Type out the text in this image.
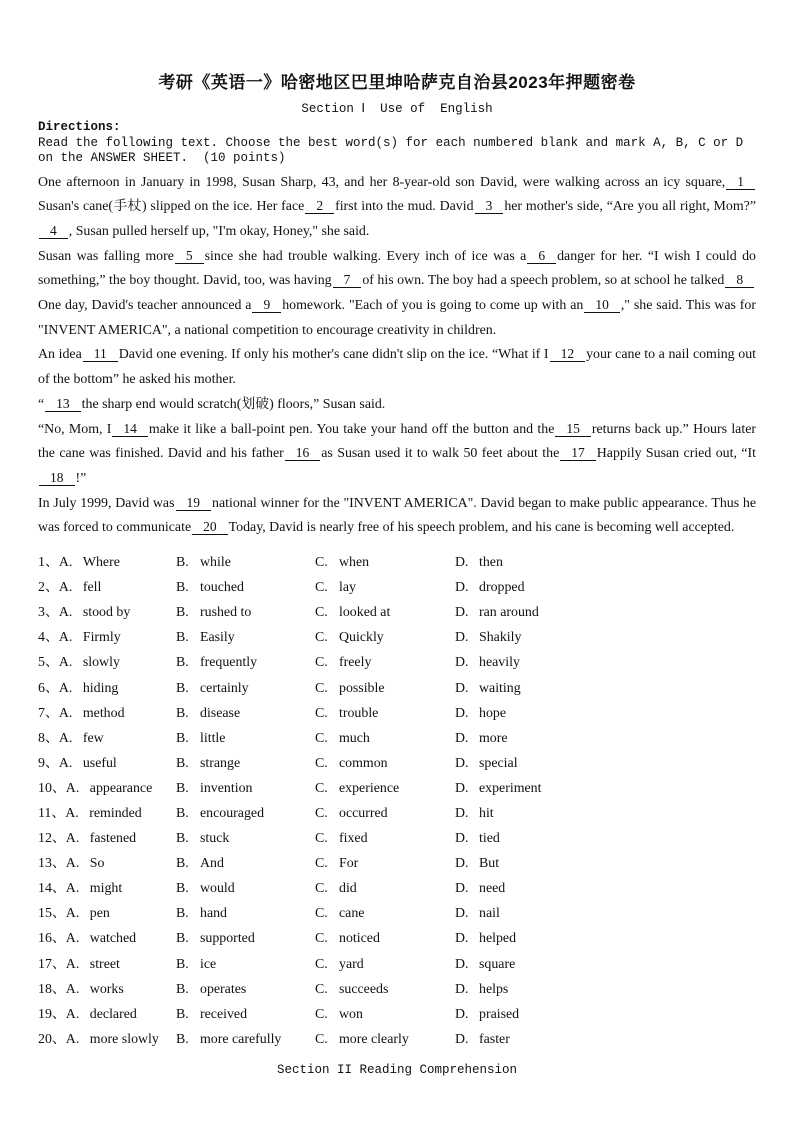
考研《英语一》哈密地区巴里坤哈萨克自治县2023年押题密卷
Section Ⅰ  Use of  English
Directions:
Read the following text. Choose the best word(s) for each numbered blank and mark A, B, C or D on the ANSWER SHEET.  (10 points)

One afternoon in January in 1998, Susan Sharp, 43, and her 8-year-old son David, were walking across an icy square, 1Susan's cane(手杖) slipped on the ice. Her face 2 first into the mud. David 3 her mother's side, “Are you all right, Mom?”4 , Susan pulled herself up, "I'm okay, Honey," she said.

Susan was falling more 5 since she had trouble walking. Every inch of ice was a 6 danger for her. “I wish I could do something,” the boy thought. David, too, was having 7 of his own. The boy had a speech problem, so at school he talked 8

One day, David's teacher announced a 9 homework. "Each of you is going to come up with an 10 ," she said. This was for "INVENT AMERICA", a national competition to encourage creativity in children.

An idea 11 David one evening. If only his mother's cane didn't slip on the ice. “What if I 12 your cane to a nail coming out of the bottom” he asked his mother.

“ 13 the sharp end would scratch(划破) floors,” Susan said.

“No, Mom, I 14 make it like a ball-point pen. You take your hand off the button and the 15 returns back up.” Hours later the cane was finished. David and his father 16 as Susan used it to walk 50 feet about the 17 Happily Susan cried out, “It18 !”

In July 1999, David was 19 national winner for the "INVENT AMERICA". David began to make public appearance. Thus he was forced to communicate 20 Today, David is nearly free of his speech problem, and his cane is becoming well accepted.

1、A. Where	B. while	C. when	D. then
2、A. fell	B. touched	C. lay	D. dropped
3、A. stood by	B. rushed to	C. looked at	D. ran around
4、A. Firmly	B. Easily	C. Quickly	D. Shakily
5、A. slowly	B. frequently	C. freely	D. heavily
6、A. hiding	B. certainly	C. possible	D. waiting
7、A. method	B. disease	C. trouble	D. hope
8、A. few	B. little	C. much	D. more
9、A. useful	B. strange	C. common	D. special
10、A. appearance	B. invention	C. experience	D. experiment
11、A. reminded	B. encouraged	C. occurred	D. hit
12、A. fastened	B. stuck	C. fixed	D. tied
13、A. So	B. And	C. For	D. But
14、A. might	B. would	C. did	D. need
15、A. pen	B. hand	C. cane	D. nail
16、A. watched	B. supported	C. noticed	D. helped
17、A. street	B. ice	C. yard	D. square
18、A. works	B. operates	C. succeeds	D. helps
19、A. declared	B. received	C. won	D. praised
20、A. more slowly	B. more carefully	C. more clearly	D. faster
Section II Reading Comprehension
